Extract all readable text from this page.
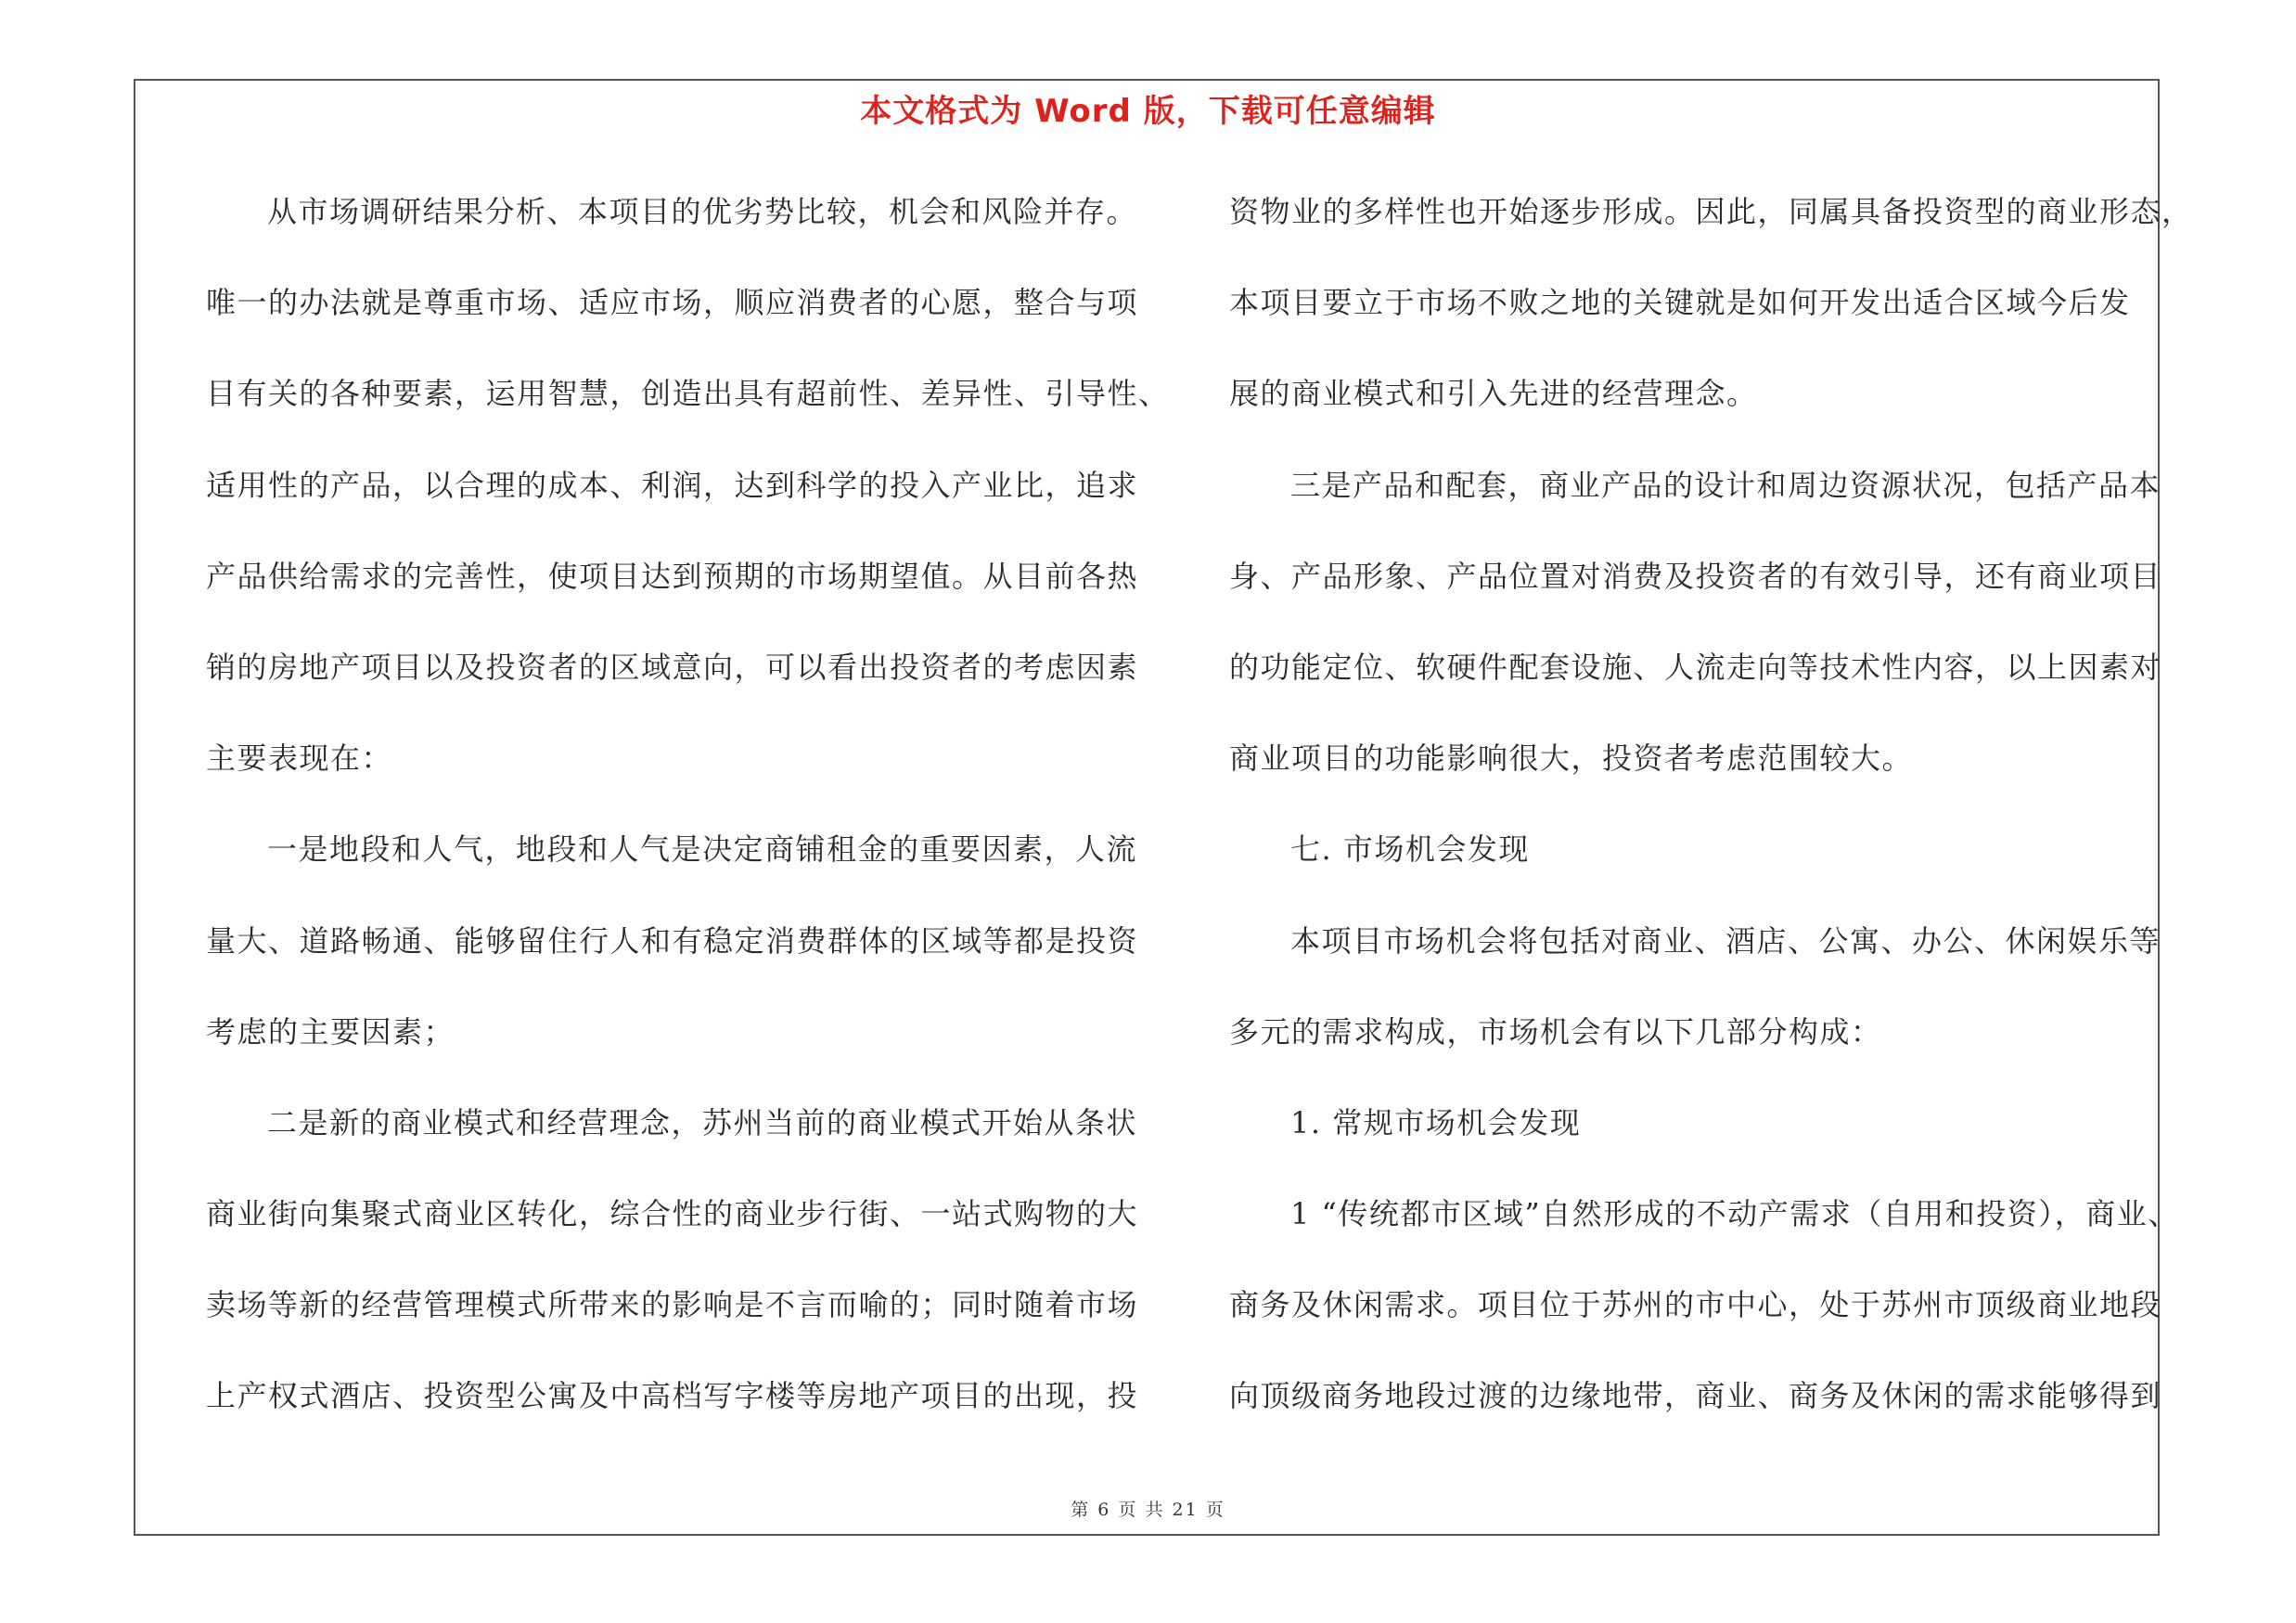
本文格式为 Word 版，下载可任意编辑
从市场调研结果分析、本项目的优劣势比较，机会和风险并存。
唯一的办法就是尊重市场、适应市场，顺应消费者的心愿，整合与项
目有关的各种要素，运用智慧，创造出具有超前性、差异性、引导性、
适用性的产品，以合理的成本、利润，达到科学的投入产业比，追求
产品供给需求的完善性，使项目达到预期的市场期望值。从目前各热
销的房地产项目以及投资者的区域意向，可以看出投资者的考虑因素
主要表现在：
一是地段和人气，地段和人气是决定商铺租金的重要因素，人流
量大、道路畅通、能够留住行人和有稳定消费群体的区域等都是投资
考虑的主要因素；
二是新的商业模式和经营理念，苏州当前的商业模式开始从条状
商业街向集聚式商业区转化，综合性的商业步行街、一站式购物的大
卖场等新的经营管理模式所带来的影响是不言而喻的；同时随着市场
上产权式酒店、投资型公寓及中高档写字楼等房地产项目的出现，投
资物业的多样性也开始逐步形成。因此，同属具备投资型的商业形态，
本项目要立于市场不败之地的关键就是如何开发出适合区域今后发
展的商业模式和引入先进的经营理念。
三是产品和配套，商业产品的设计和周边资源状况，包括产品本
身、产品形象、产品位置对消费及投资者的有效引导，还有商业项目
的功能定位、软硬件配套设施、人流走向等技术性内容，以上因素对
商业项目的功能影响很大，投资者考虑范围较大。
七. 市场机会发现
本项目市场机会将包括对商业、酒店、公寓、办公、休闲娱乐等
多元的需求构成，市场机会有以下几部分构成：
1. 常规市场机会发现
1 “传统都市区域”自然形成的不动产需求（自用和投资），商业、
商务及休闲需求。项目位于苏州的市中心，处于苏州市顶级商业地段
向顶级商务地段过渡的边缘地带，商业、商务及休闲的需求能够得到
第 6 页 共 21 页
